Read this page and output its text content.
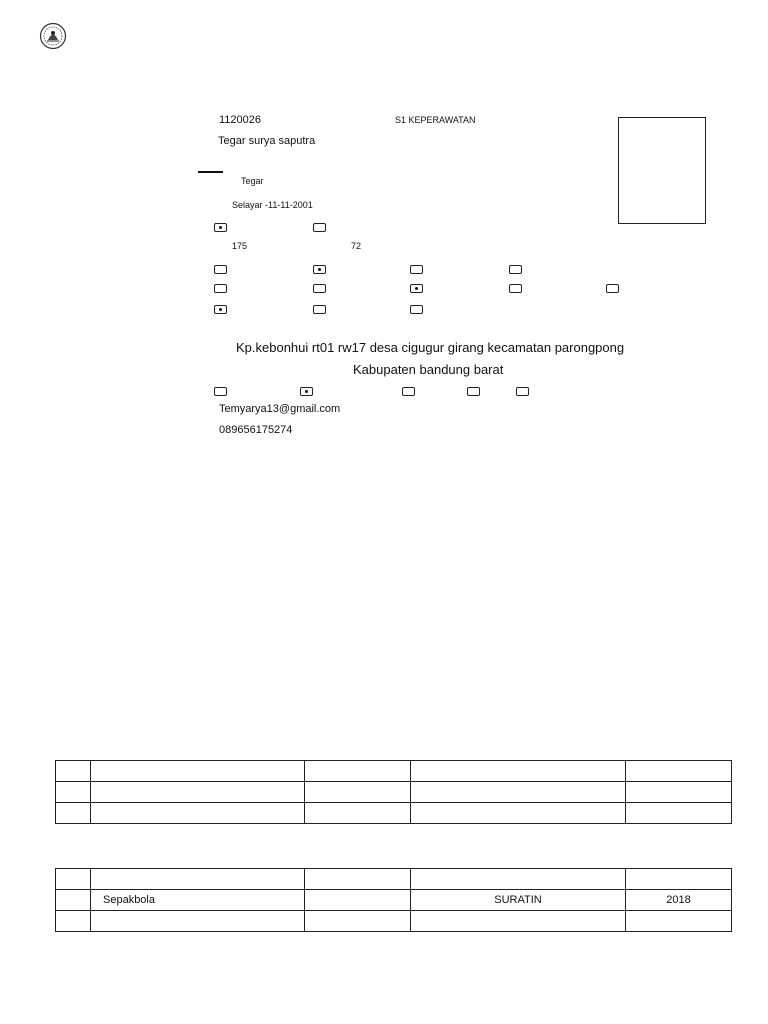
1120026	S1 KEPERAWATAN
Tegar surya saputra
Tegar
Selayar -11-11-2001
175	72
Kp.kebonhui rt01 rw17 desa cigugur girang kecamatan parongpong
Kabupaten bandung barat
Temyarya13@gmail.com
089656175274

	Sepakbola		SURATIN	2018
